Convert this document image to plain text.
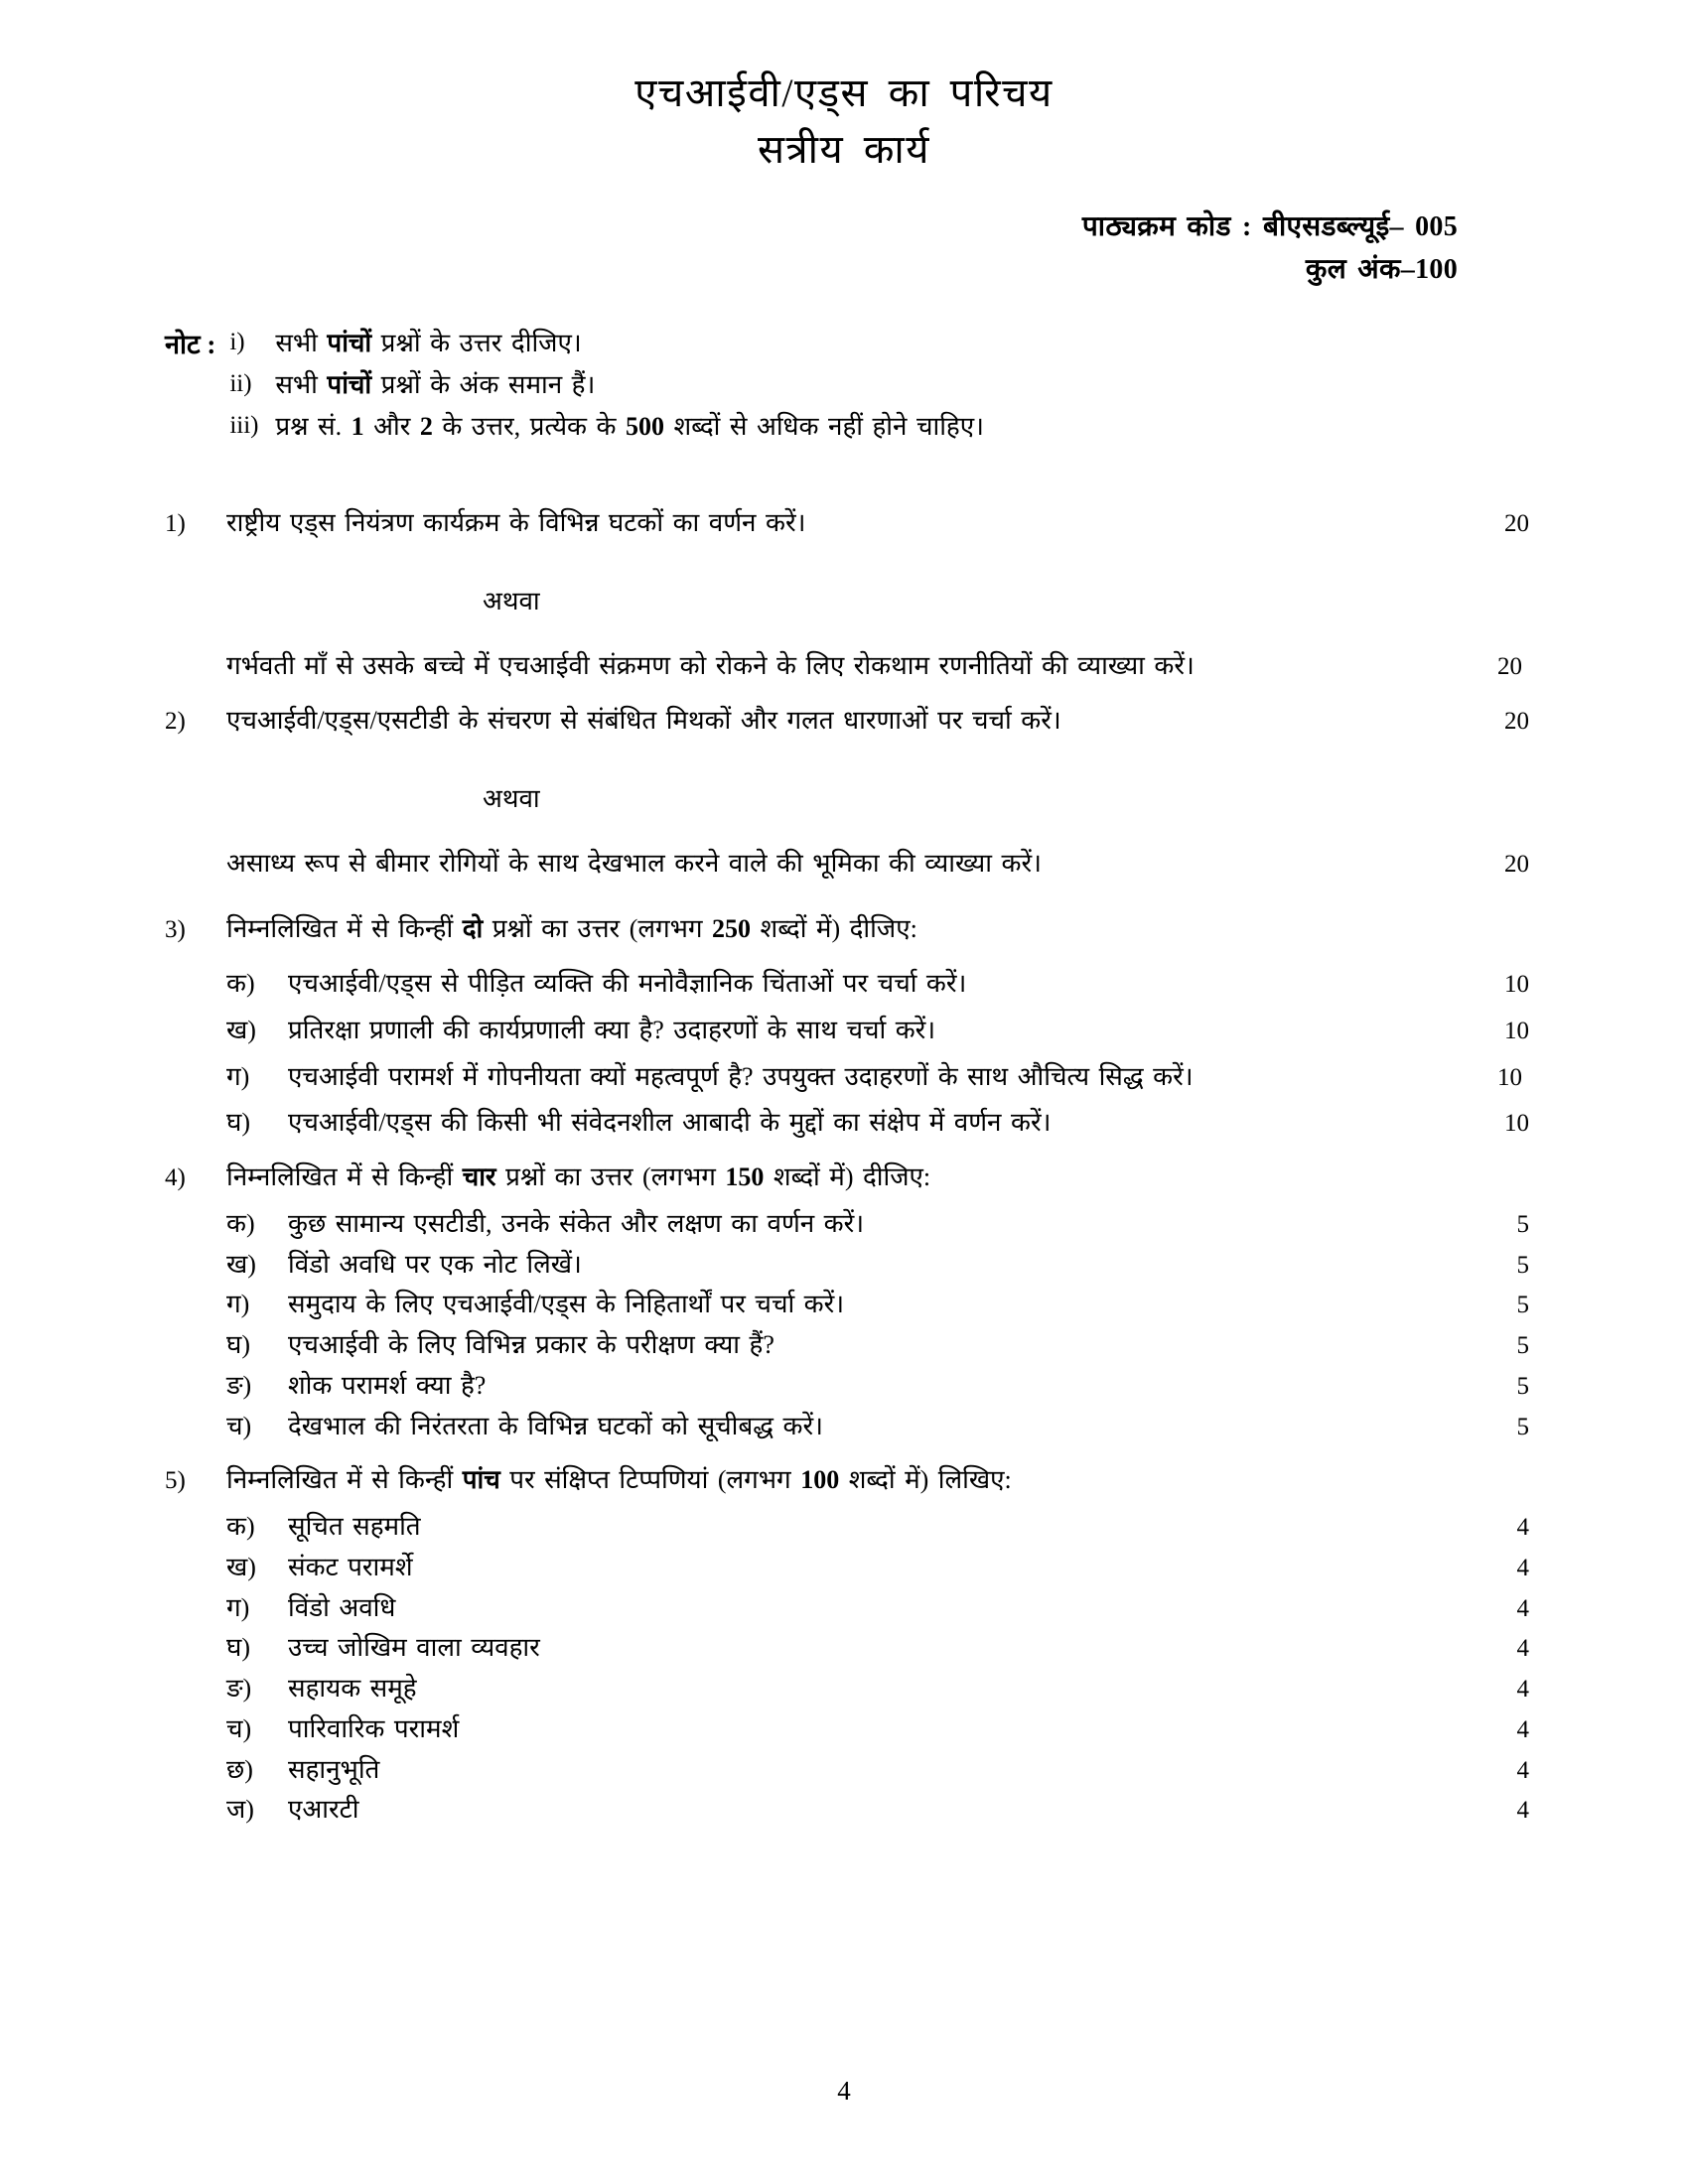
एचआईवी/एड्स का परिचय
सत्रीय कार्य
पाठ्यक्रम कोड : बीएसडब्ल्यूई– 005
कुल अंक–100
नोट : i)	सभी पांचों प्रश्नों के उत्तर दीजिए।
ii) सभी पांचों प्रश्नों के अंक समान हैं।
iii) प्रश्न सं. 1 और 2 के उत्तर, प्रत्येक के 500 शब्दों से अधिक नहीं होने चाहिए।
1)	राष्ट्रीय एड्स नियंत्रण कार्यक्रम के विभिन्न घटकों का वर्णन करें।	20
अथवा
गर्भवती माँ से उसके बच्चे में एचआईवी संक्रमण को रोकने के लिए रोकथाम रणनीतियों की व्याख्या करें।	20
2)	एचआईवी/एड्स/एसटीडी के संचरण से संबंधित मिथकों और गलत धारणाओं पर चर्चा करें।	20
अथवा
असाध्य रूप से बीमार रोगियों के साथ देखभाल करने वाले की भूमिका की व्याख्या करें।	20
3)	निम्नलिखित में से किन्हीं दो प्रश्नों का उत्तर (लगभग 250 शब्दों में) दीजिए:
क)	एचआईवी/एड्स से पीड़ित व्यक्ति की मनोवैज्ञानिक चिंताओं पर चर्चा करें।	10
ख)	प्रतिरक्षा प्रणाली की कार्यप्रणाली क्या है? उदाहरणों के साथ चर्चा करें।	10
ग)	एचआईवी परामर्श में गोपनीयता क्यों महत्वपूर्ण है? उपयुक्त उदाहरणों के साथ औचित्य सिद्ध करें।	10
घ)	एचआईवी/एड्स की किसी भी संवेदनशील आबादी के मुद्दों का संक्षेप में वर्णन करें।	10
4)	निम्नलिखित में से किन्हीं चार प्रश्नों का उत्तर (लगभग 150 शब्दों में) दीजिए:
क)	कुछ सामान्य एसटीडी, उनके संकेत और लक्षण का वर्णन करें।	5
ख)	विंडो अवधि पर एक नोट लिखें।	5
ग)	समुदाय के लिए एचआईवी/एड्स के निहितार्थों पर चर्चा करें।	5
घ)	एचआईवी के लिए विभिन्न प्रकार के परीक्षण क्या हैं?	5
ङ)	शोक परामर्श क्या है?	5
च)	देखभाल की निरंतरता के विभिन्न घटकों को सूचीबद्ध करें।	5
5)	निम्नलिखित में से किन्हीं पांच पर संक्षिप्त टिप्पणियां (लगभग 100 शब्दों में) लिखिए:
क)	सूचित सहमति	4
ख)	संकट परामर्शे	4
ग)	विंडो अवधि	4
घ)	उच्च जोखिम वाला व्यवहार	4
ङ)	सहायक समूहे	4
च)	पारिवारिक परामर्श	4
छ)	सहानुभूति	4
ज)	एआरटी	4
4
